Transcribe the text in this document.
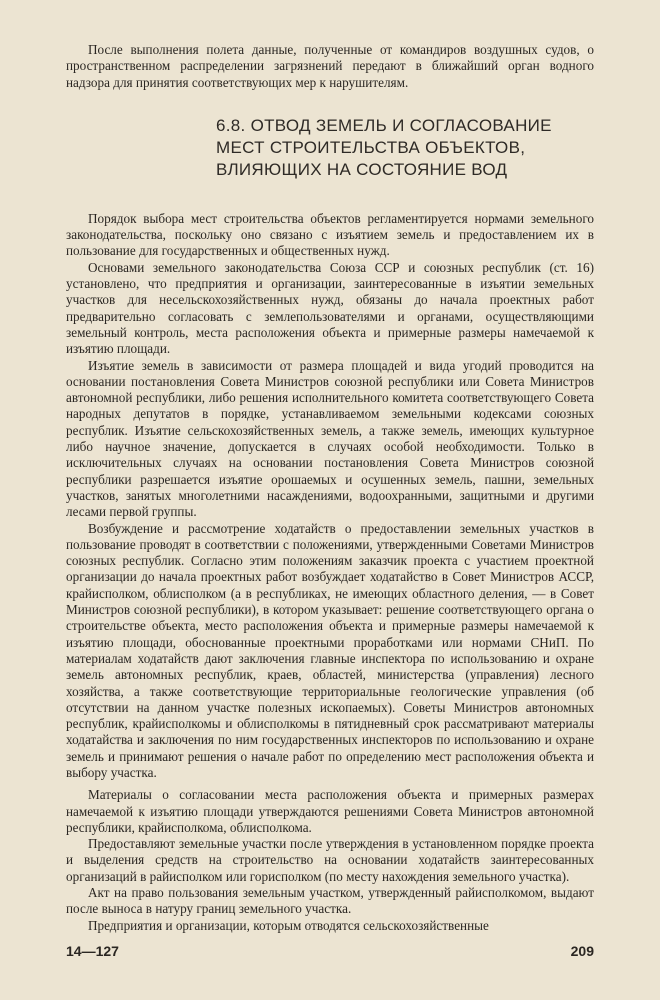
После выполнения полета данные, полученные от командиров воздушных судов, о пространственном распределении загрязнений передают в ближайший орган водного надзора для принятия соответствующих мер к нарушителям.

6.8. ОТВОД ЗЕМЕЛЬ И СОГЛАСОВАНИЕ
МЕСТ СТРОИТЕЛЬСТВА ОБЪЕКТОВ,
ВЛИЯЮЩИХ НА СОСТОЯНИЕ ВОД

Порядок выбора мест строительства объектов регламентируется нормами земельного законодательства, поскольку оно связано с изъятием земель и предоставлением их в пользование для государственных и общественных нужд.

Основами земельного законодательства Союза ССР и союзных республик (ст. 16) установлено, что предприятия и организации, заинтересованные в изъятии земельных участков для несельскохозяйственных нужд, обязаны до начала проектных работ предварительно согласовать с землепользователями и органами, осуществляющими земельный контроль, места расположения объекта и примерные размеры намечаемой к изъятию площади.

Изъятие земель в зависимости от размера площадей и вида угодий проводится на основании постановления Совета Министров союзной республики или Совета Министров автономной республики, либо решения исполнительного комитета соответствующего Совета народных депутатов в порядке, устанавливаемом земельными кодексами союзных республик. Изъятие сельскохозяйственных земель, а также земель, имеющих культурное либо научное значение, допускается в случаях особой необходимости. Только в исключительных случаях на основании постановления Совета Министров союзной республики разрешается изъятие орошаемых и осушенных земель, пашни, земельных участков, занятых многолетними насаждениями, водоохранными, защитными и другими лесами первой группы.

Возбуждение и рассмотрение ходатайств о предоставлении земельных участков в пользование проводят в соответствии с положениями, утвержденными Советами Министров союзных республик. Согласно этим положениям заказчик проекта с участием проектной организации до начала проектных работ возбуждает ходатайство в Совет Министров АССР, крайисполком, облисполком (а в республиках, не имеющих областного деления, — в Совет Министров союзной республики), в котором указывает: решение соответствующего органа о строительстве объекта, место расположения объекта и примерные размеры намечаемой к изъятию площади, обоснованные проектными проработками или нормами СНиП. По материалам ходатайств дают заключения главные инспектора по использованию и охране земель автономных республик, краев, областей, министерства (управления) лесного хозяйства, а также соответствующие территориальные геологические управления (об отсутствии на данном участке полезных ископаемых). Советы Министров автономных республик, крайисполкомы и облисполкомы в пятидневный срок рассматривают материалы ходатайства и заключения по ним государственных инспекторов по использованию и охране земель и принимают решения о начале работ по определению мест расположения объекта и выбору участка.

Материалы о согласовании места расположения объекта и примерных размерах намечаемой к изъятию площади утверждаются решениями Совета Министров автономной республики, крайисполкома, облисполкома.

Предоставляют земельные участки после утверждения в установленном порядке проекта и выделения средств на строительство на основании ходатайств заинтересованных организаций в райисполком или горисполком (по месту нахождения земельного участка).

Акт на право пользования земельным участком, утвержденный райисполкомом, выдают после выноса в натуру границ земельного участка.

Предприятия и организации, которым отводятся сельскохозяйственные

14—127	209
